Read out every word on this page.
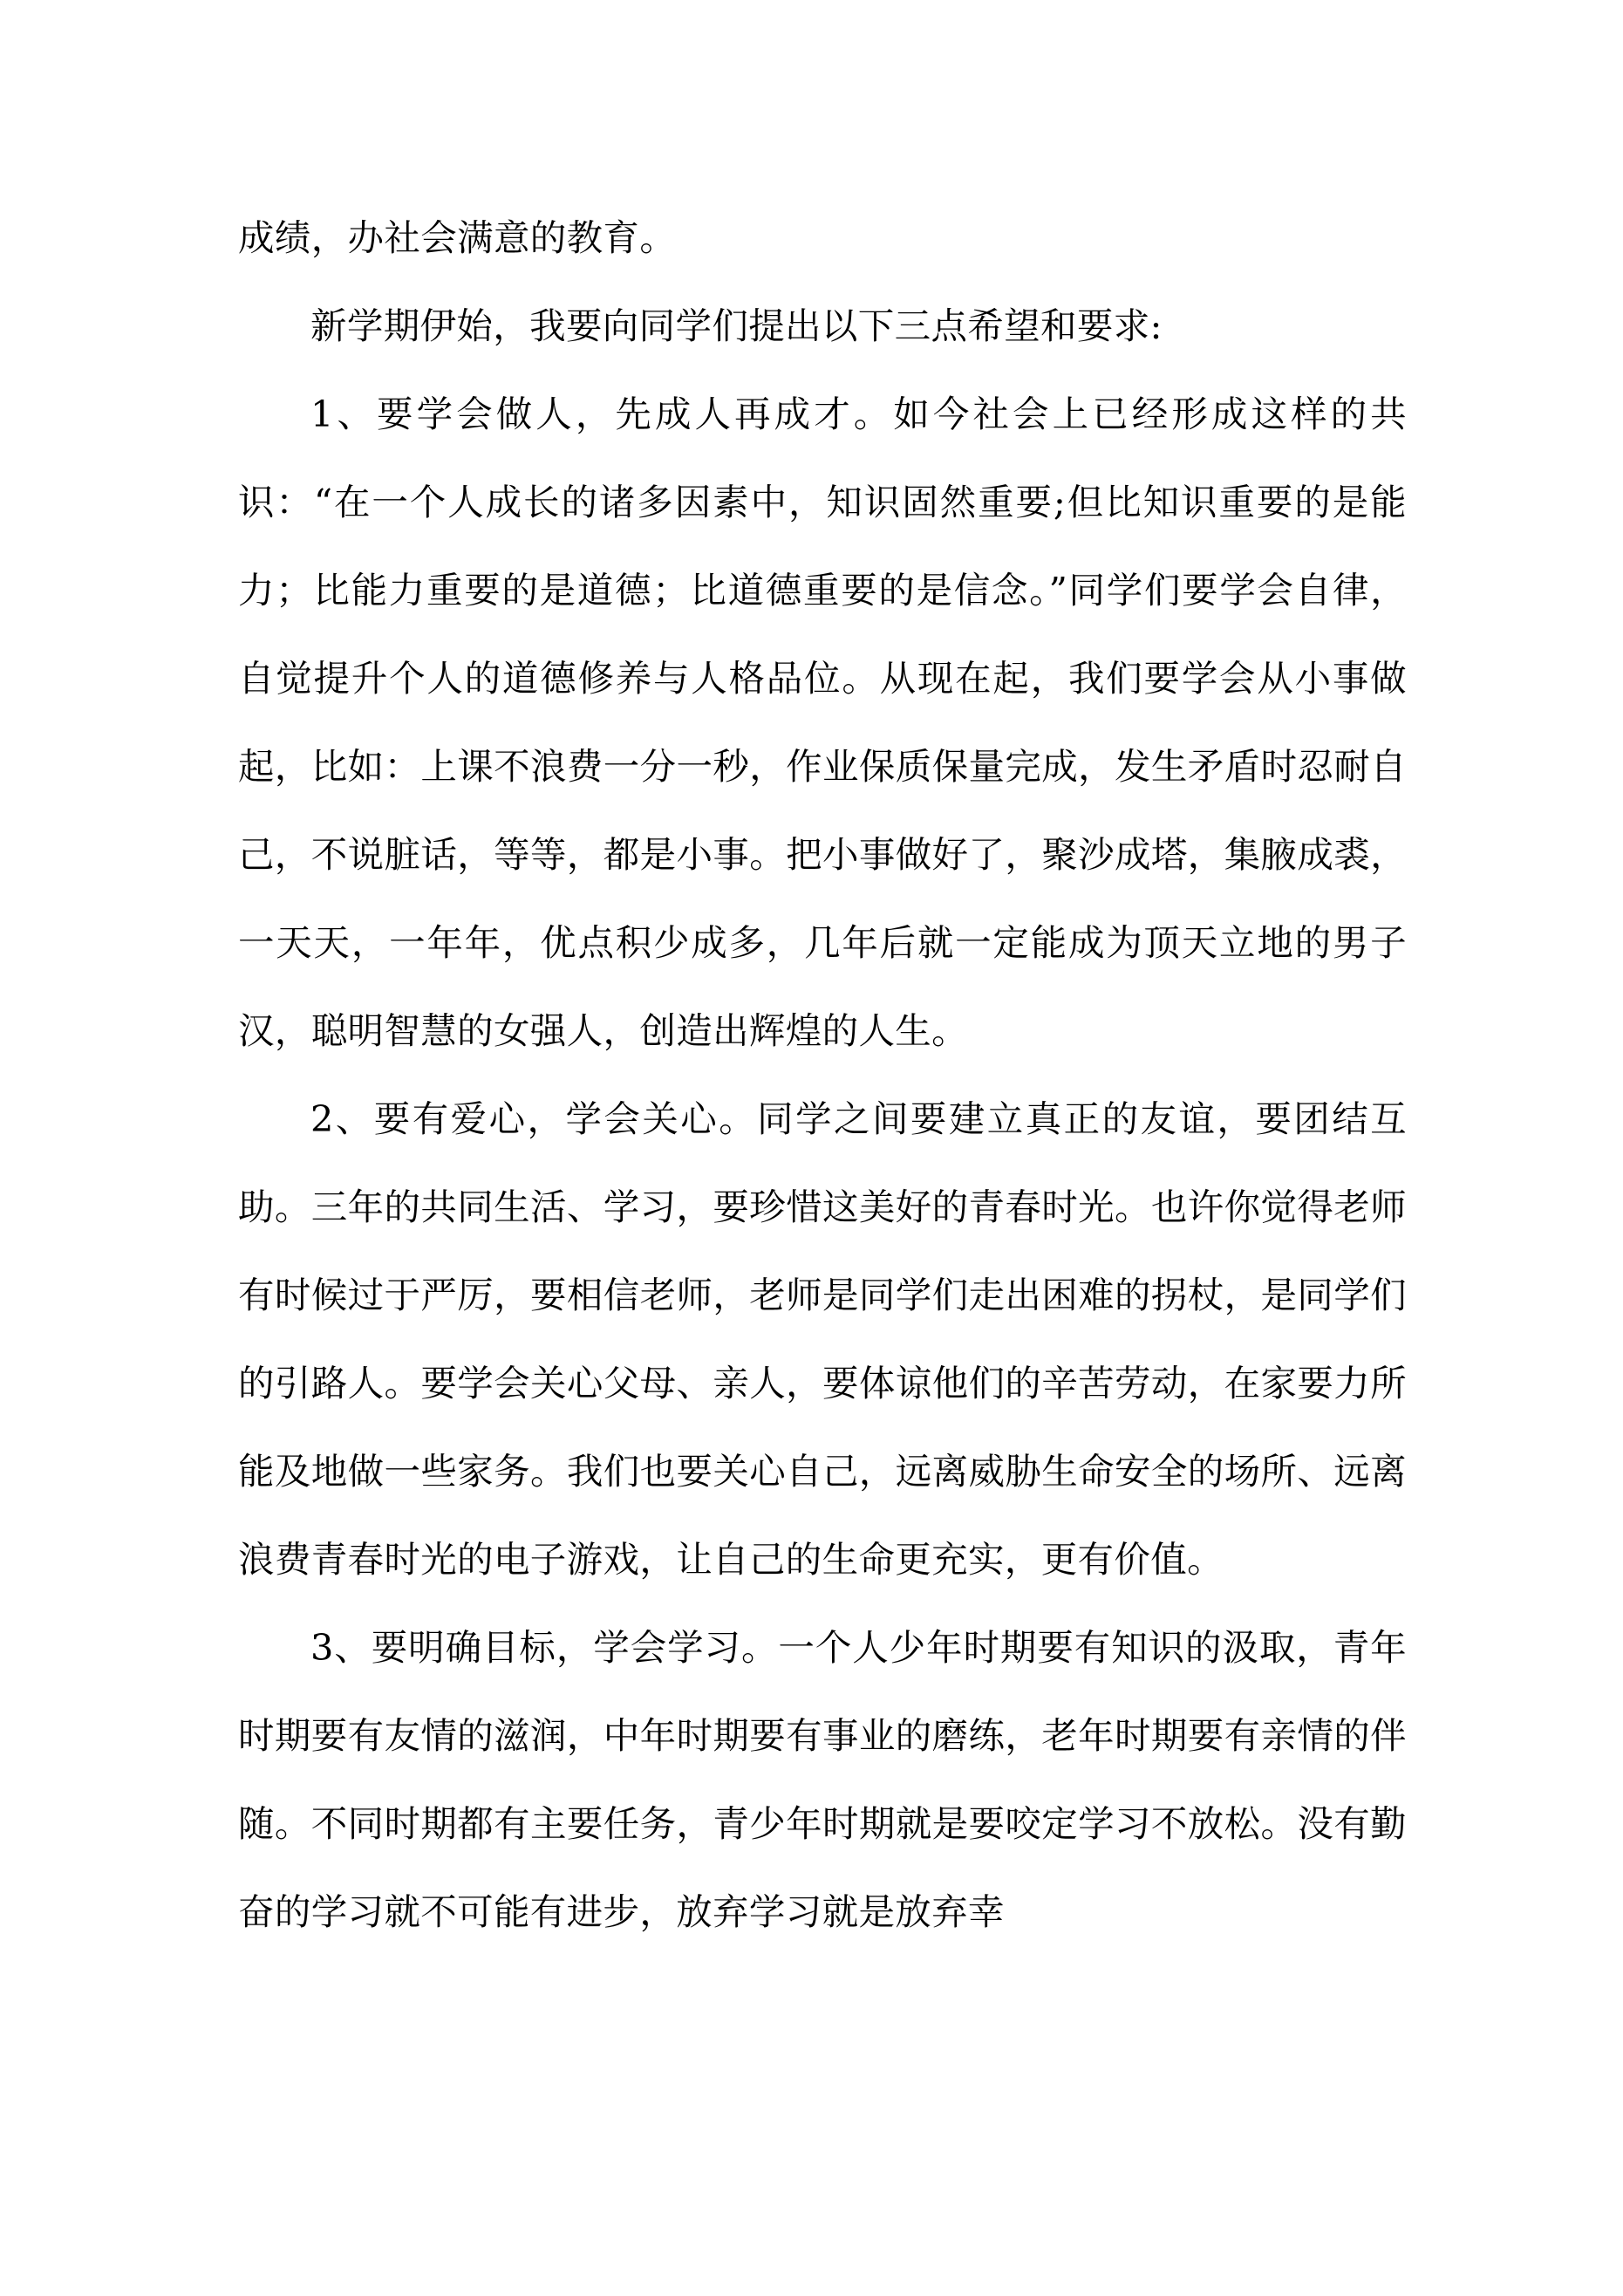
成绩，办社会满意的教育。

新学期伊始，我要向同学们提出以下三点希望和要求:

1、要学会做人，先成人再成才。如今社会上已经形成这样的共识：“在一个人成长的诸多因素中，知识固然重要;但比知识重要的是能力；比能力重要的是道德；比道德重要的是信念。”同学们要学会自律，自觉提升个人的道德修养与人格品位。从现在起，我们要学会从小事做起，比如：上课不浪费一分一秒，作业保质保量完成，发生矛盾时忍耐自己，不说脏话，等等，都是小事。把小事做好了，聚沙成塔，集腋成裘，一天天，一年年，优点积少成多，几年后就一定能成为顶天立地的男子汉，聪明智慧的女强人，创造出辉煌的人生。

2、要有爱心，学会关心。同学之间要建立真正的友谊，要团结互助。三年的共同生活、学习，要珍惜这美好的青春时光。也许你觉得老师有时候过于严厉，要相信老师，老师是同学们走出困难的拐杖，是同学们的引路人。要学会关心父母、亲人，要体谅他们的辛苦劳动，在家要力所能及地做一些家务。我们也要关心自己，远离威胁生命安全的场所、远离浪费青春时光的电子游戏，让自己的生命更充实，更有价值。

3、要明确目标，学会学习。一个人少年时期要有知识的汲取，青年时期要有友情的滋润，中年时期要有事业的磨练，老年时期要有亲情的伴随。不同时期都有主要任务，青少年时期就是要咬定学习不放松。没有勤奋的学习就不可能有进步，放弃学习就是放弃幸
